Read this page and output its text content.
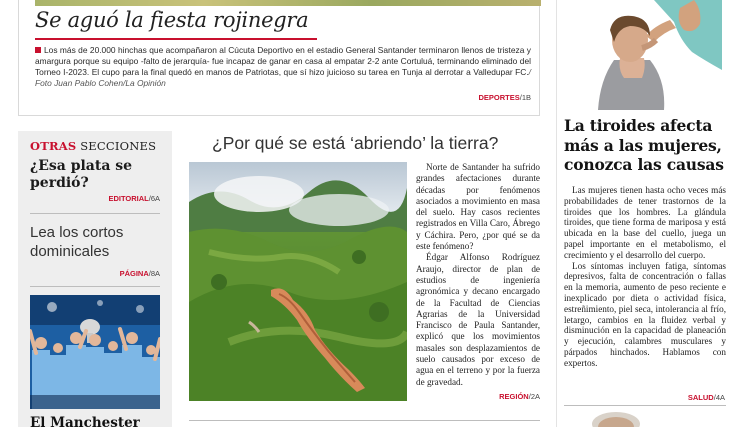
Se aguó la fiesta rojinegra
Los más de 20.000 hinchas que acompañaron al Cúcuta Deportivo en el estadio General Santander terminaron llenos de tristeza y amargura porque su equipo -falto de jerarquía- fue incapaz de ganar en casa al empatar 2-2 ante Cortuluá, terminando eliminado del Torneo I-2023. El cupo para la final quedó en manos de Patriotas, que sí hizo juicioso su tarea en Tunja al derrotar a Valledupar FC./ Foto Juan Pablo Cohen/La Opinión
DEPORTES/1B
OTRAS SECCIONES
¿Esa plata se perdió?
EDITORIAL/6A
Lea los cortos dominicales
PÁGINA/8A
El Manchester
¿Por qué se está ‘abriendo’ la tierra?

Norte de Santander ha sufrido grandes afectaciones durante décadas por fenómenos asociados a movimiento en masa del suelo. Hay casos recientes registrados en Villa Caro, Ábrego y Cáchira. Pero, ¿por qué se da este fenómeno?

Édgar Alfonso Rodríguez Araujo, director de plan de estudios de ingeniería agronómica y decano encargado de la Facultad de Ciencias Agrarias de la Universidad Francisco de Paula Santander, explicó que los movimientos masales son desplazamientos de suelo causados por exceso de agua en el terreno y por la fuerza de gravedad.

REGIÓN/2A
La tiroides afecta más a las mujeres, conozca las causas

Las mujeres tienen hasta ocho veces más probabilidades de tener trastornos de la tiroides que los hombres. La glándula tiroides, que tiene forma de mariposa y está ubicada en la base del cuello, juega un papel importante en el metabolismo, el crecimiento y el desarrollo del cuerpo.

Los síntomas incluyen fatiga, síntomas depresivos, falta de concentración o fallas en la memoria, aumento de peso reciente e inexplicado por dieta o actividad física, estreñimiento, piel seca, intolerancia al frío, letargo, cambios en la fluidez verbal y disminución en la capacidad de planeación y ejecución, calambres musculares y párpados hinchados. Hablamos con expertos.

SALUD/4A
